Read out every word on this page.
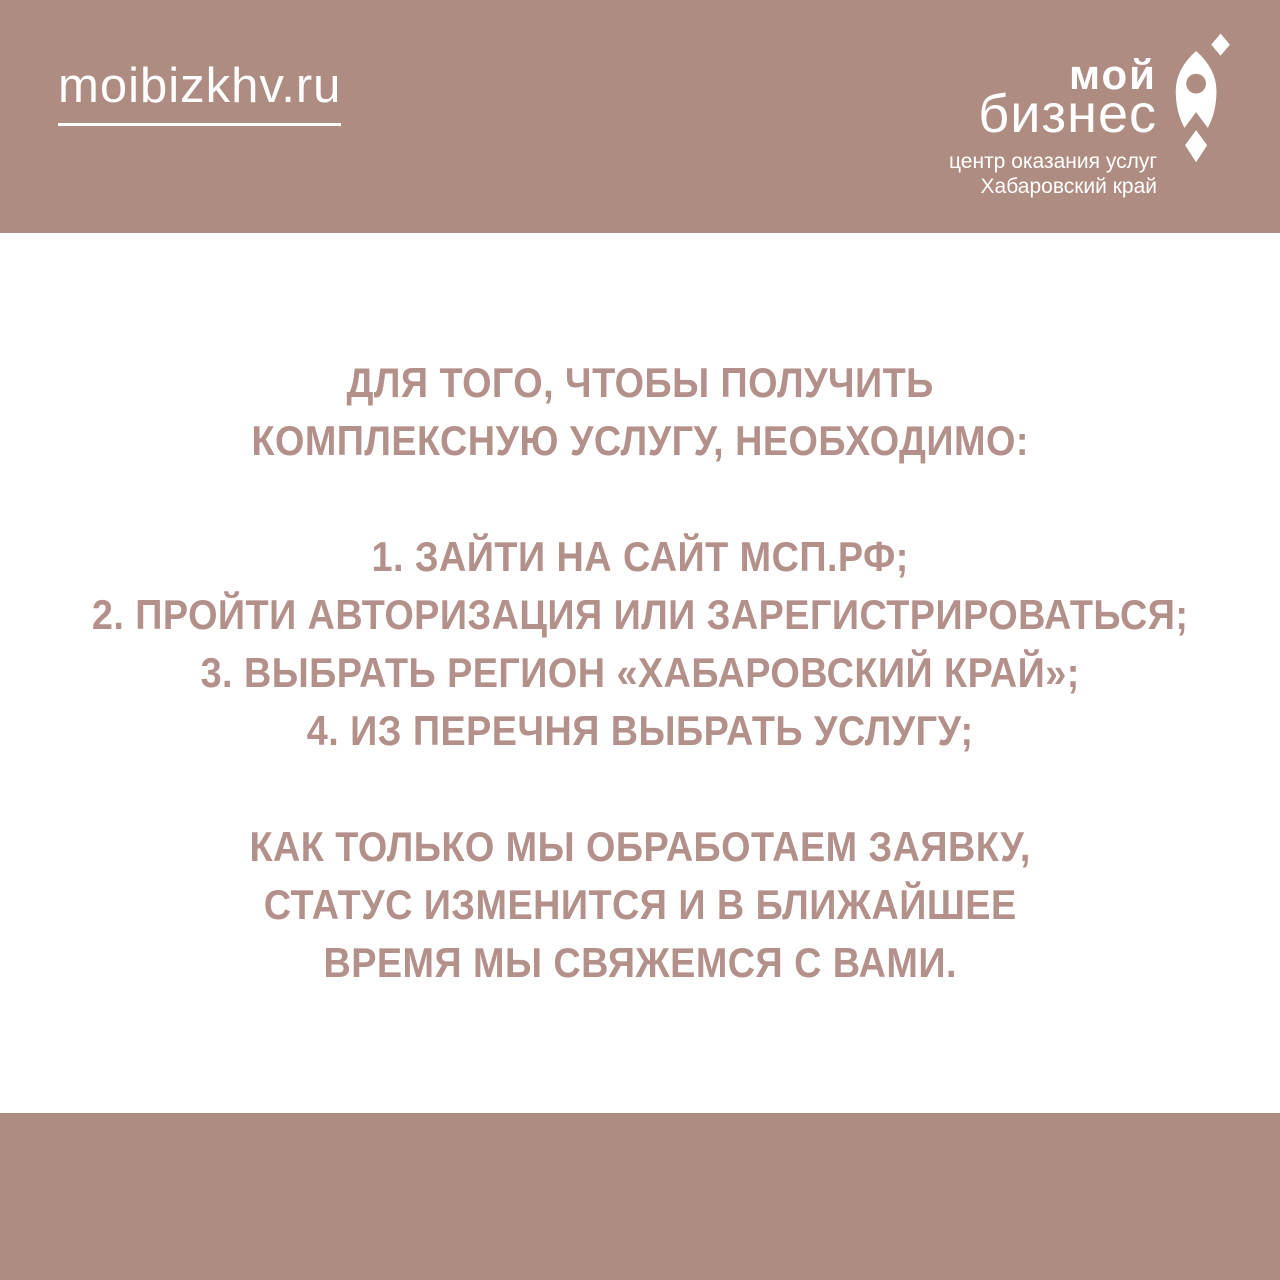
moibizkhv.ru	мой
бизнес
центр оказания услуг
Хабаровский край
ДЛЯ ТОГО, ЧТОБЫ ПОЛУЧИТЬ
КОМПЛЕКСНУЮ УСЛУГУ, НЕОБХОДИМО:
1. ЗАЙТИ НА САЙТ МСП.РФ;
2. ПРОЙТИ АВТОРИЗАЦИЯ ИЛИ ЗАРЕГИСТРИРОВАТЬСЯ;
3. ВЫБРАТЬ РЕГИОН «ХАБАРОВСКИЙ КРАЙ»;
4. ИЗ ПЕРЕЧНЯ ВЫБРАТЬ УСЛУГУ;
КАК ТОЛЬКО МЫ ОБРАБОТАЕМ ЗАЯВКУ,
СТАТУС ИЗМЕНИТСЯ И В БЛИЖАЙШЕЕ
ВРЕМЯ МЫ СВЯЖЕМСЯ С ВАМИ.
